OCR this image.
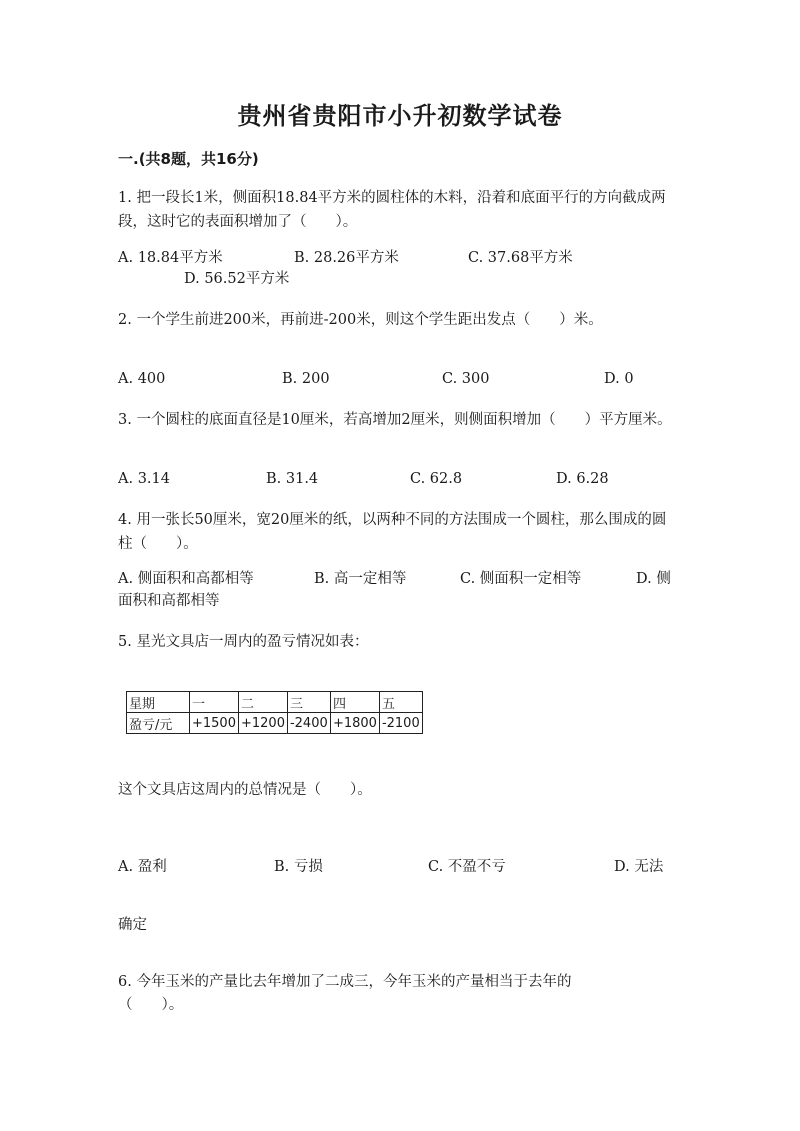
贵州省贵阳市小升初数学试卷
一.(共8题，共16分)
1. 把一段长1米，侧面积18.84平方米的圆柱体的木料，沿着和底面平行的方向截成两段，这时它的表面积增加了（　　）。
A. 18.84平方米	B. 28.26平方米	C. 37.68平方米
D. 56.52平方米
2. 一个学生前进200米，再前进-200米，则这个学生距出发点（　　）米。
A. 400	B. 200	C. 300	D. 0
3. 一个圆柱的底面直径是10厘米，若高增加2厘米，则侧面积增加（　　）平方厘米。
A. 3.14	B. 31.4	C. 62.8	D. 6.28
4. 用一张长50厘米，宽20厘米的纸，以两种不同的方法围成一个圆柱，那么围成的圆柱（　　）。
A. 侧面积和高都相等	B. 高一定相等	C. 侧面积一定相等	D. 侧
面积和高都相等
5. 星光文具店一周内的盈亏情况如表：
星期	一	二	三	四	五
盈亏/元	+1500	+1200	-2400	+1800	-2100
这个文具店这周内的总情况是（　　）。
A. 盈利	B. 亏损	C. 不盈不亏	D. 无法
确定
6. 今年玉米的产量比去年增加了二成三，今年玉米的产量相当于去年的
（　　）。
